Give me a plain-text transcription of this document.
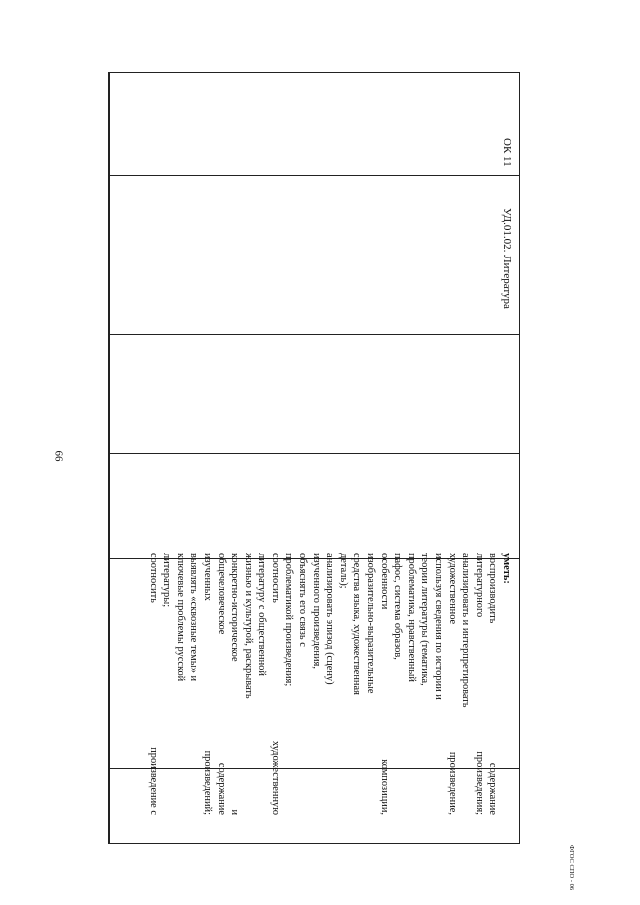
66
ОК 11
УД.01.02. Литература
уметь:
воспроизводить
содержание
литературного
произведения;
анализировать и интерпретировать
художественное
произведение,
используя сведения по истории и
теории литературы (тематика,
проблематика, нравственный
пафос, система образов,
особенности
композиции,
изобразительно-выразительные
средства языка, художественная
деталь);
анализировать эпизод (сцену)
изученного произведения,
объяснять его связь с
проблематикой произведения;
соотносить
художественную
литературу с общественной
жизнью и культурой, раскрывать
конкретно-историческое
и
общечеловеческое
содержание
изученных
произведений;
выявлять «сквозные темы» и
ключевые проблемы русской
литературы;
соотносить
произведение с
ФГОС СПО - 06
